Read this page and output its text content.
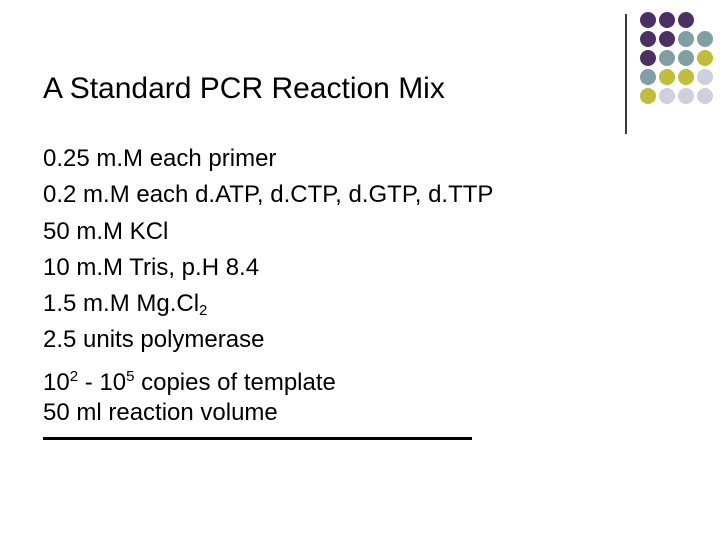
A Standard PCR Reaction Mix
0.25 m.M each primer
0.2 m.M each d.ATP, d.CTP, d.GTP, d.TTP
50 m.M KCl
10 m.M Tris, p.H 8.4
1.5 m.M Mg.Cl2
2.5 units polymerase
$10^2 - 10^5$ copies of template
50 ml reaction volume
